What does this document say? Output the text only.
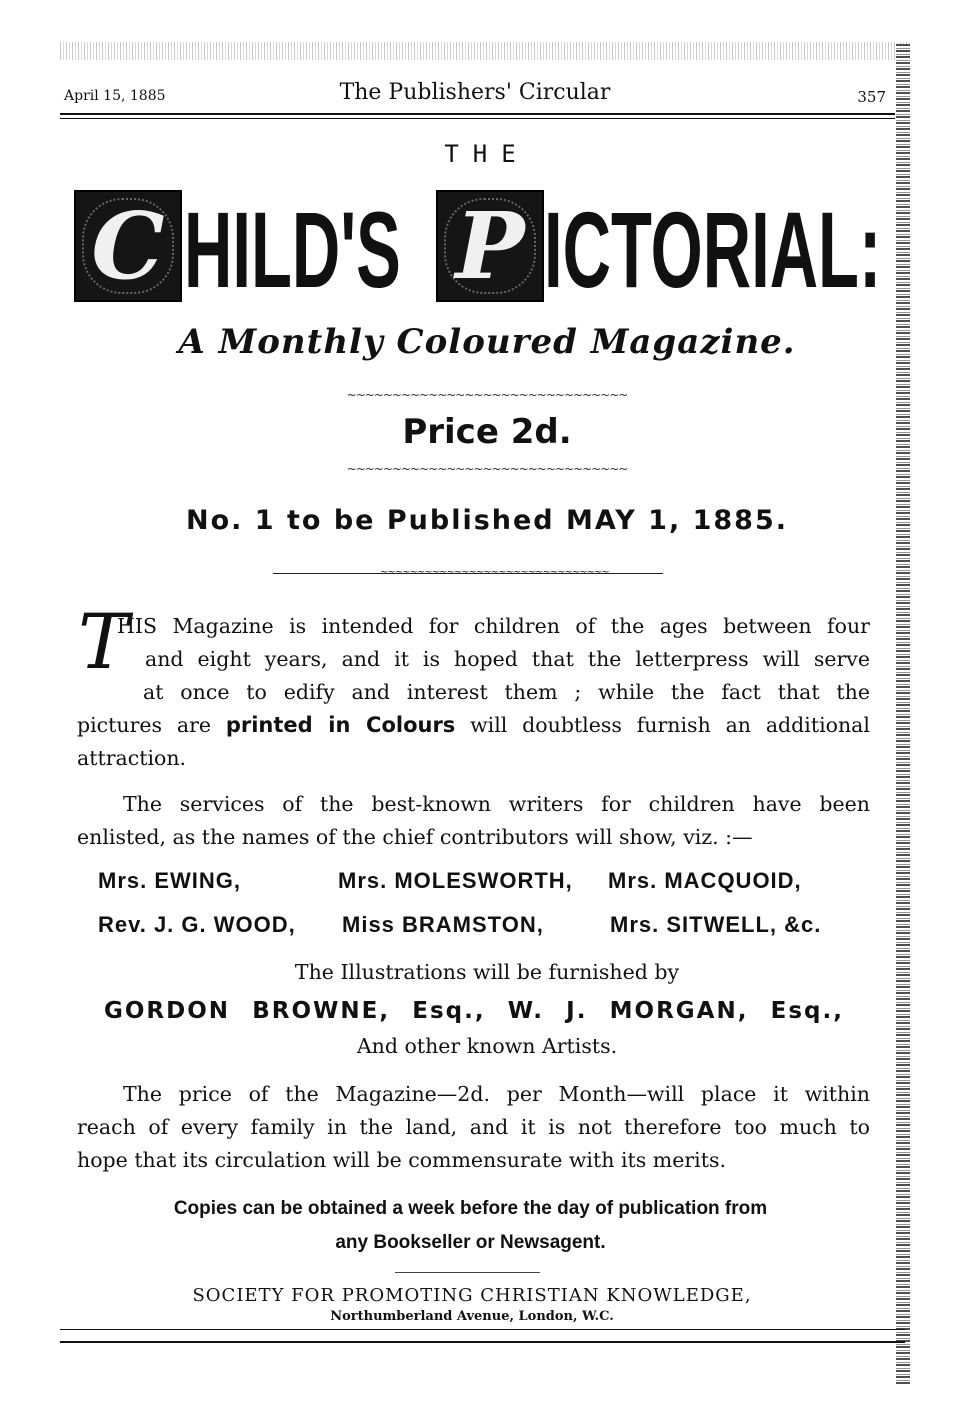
April 15, 1885	The Publishers' Circular	357
THE
C HILD'S P ICTORIAL:
A Monthly Coloured Magazine.
~~~~~~~~~~~~~~~~~~~~~~~~~~~~~~~
Price 2d.
~~~~~~~~~~~~~~~~~~~~~~~~~~~~~~~
No. 1 to be Published MAY 1, 1885.
~~~~~~~~~~~~~~~~~~~~~~~~~~~~~~~
T
HIS Magazine is intended for children of the ages between four
and eight years, and it is hoped that the letterpress will serve
at once to edify and interest them ; while the fact that the
pictures are printed in Colours will doubtless furnish an additional
attraction.
The services of the best-known writers for children have been
enlisted, as the names of the chief contributors will show, viz. :—
Mrs. EWING,	Mrs. MOLESWORTH, Mrs. MACQUOID,
Rev. J. G. WOOD, Miss BRAMSTON,	Mrs. SITWELL, &c.
The Illustrations will be furnished by
GORDON BROWNE, Esq., W. J. MORGAN, Esq.,
And other known Artists.
The price of the Magazine—2d. per Month—will place it within
reach of every family in the land, and it is not therefore too much to
hope that its circulation will be commensurate with its merits.
Copies can be obtained a week before the day of publication from
any Bookseller or Newsagent.
SOCIETY FOR PROMOTING CHRISTIAN KNOWLEDGE,
Northumberland Avenue, London, W.C.
